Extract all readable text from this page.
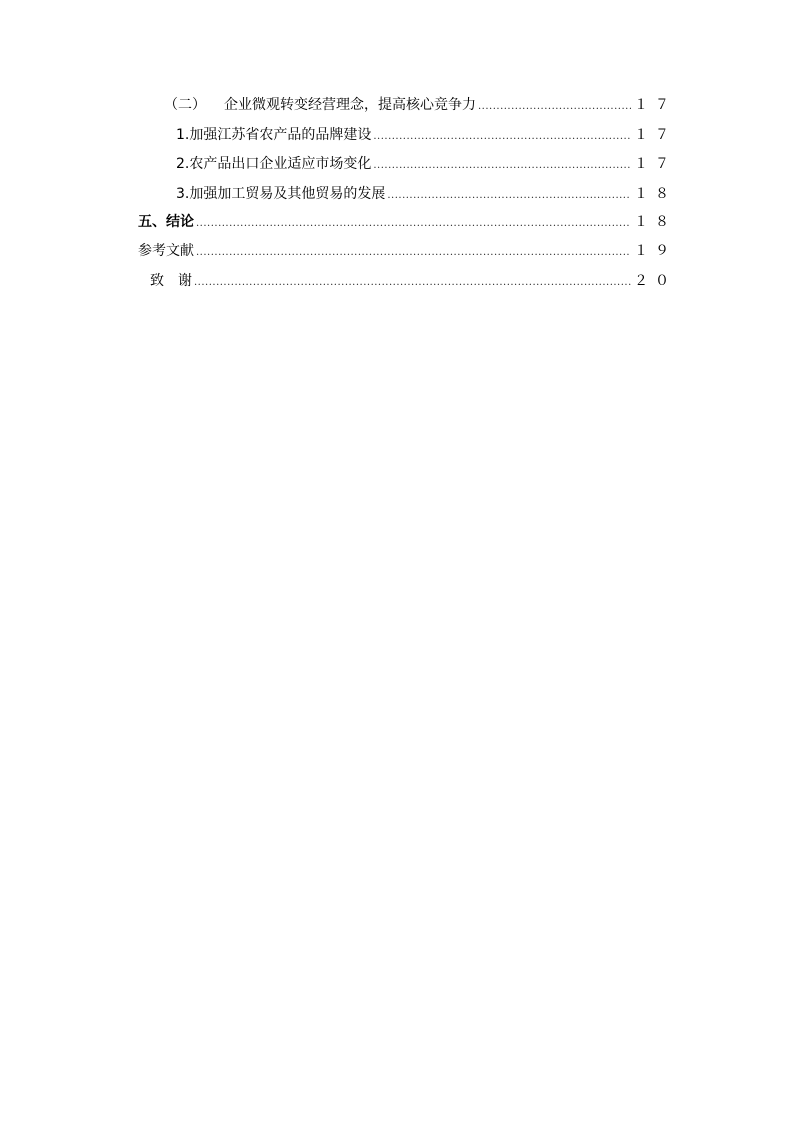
（二） 企业微观转变经营理念，提高核心竞争力 .....	１７
1.加强江苏省农产品的品牌建设 .....	１７
2.农产品出口企业适应市场变化 .....	１７
3.加强加工贸易及其他贸易的发展 .....	１８
五、结论 .....	１８
参考文献 .....	１９
致　谢 .....	２０
